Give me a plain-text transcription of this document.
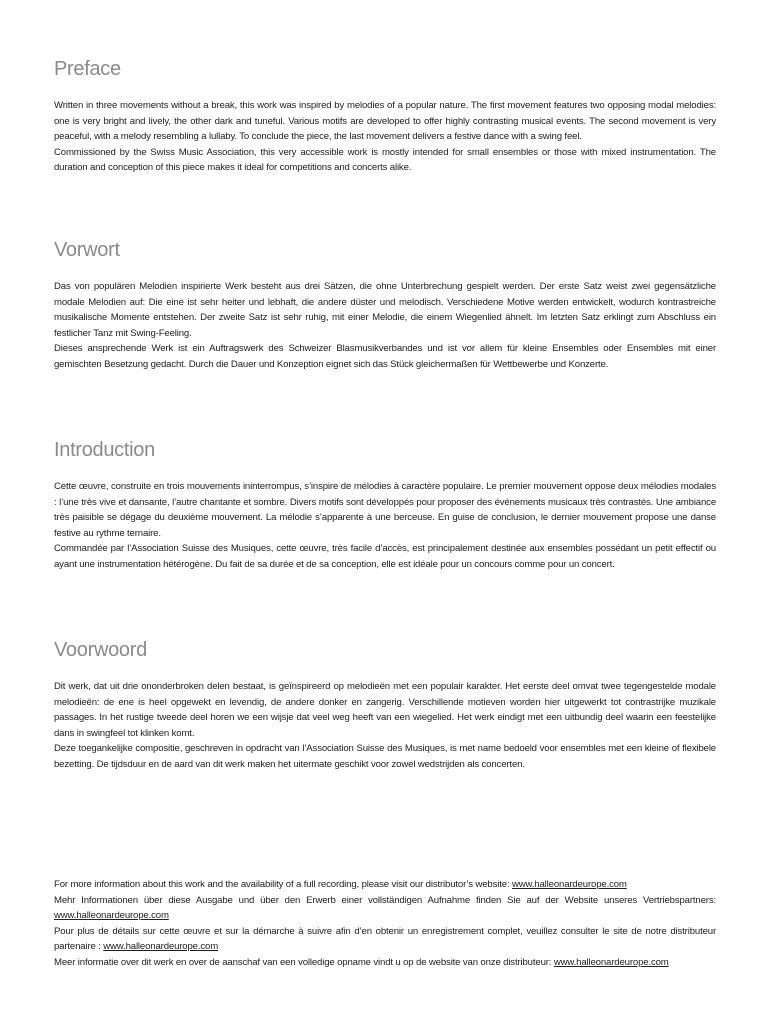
Preface

Written in three movements without a break, this work was inspired by melodies of a popular nature. The first movement features two opposing modal melodies: one is very bright and lively, the other dark and tuneful. Various motifs are developed to offer highly contrasting musical events. The second movement is very peaceful, with a melody resembling a lullaby. To conclude the piece, the last movement delivers a festive dance with a swing feel.

Commissioned by the Swiss Music Association, this very accessible work is mostly intended for small ensembles or those with mixed instrumentation. The duration and conception of this piece makes it ideal for competitions and concerts alike.

Vorwort

Das von populären Melodien inspirierte Werk besteht aus drei Sätzen, die ohne Unterbrechung gespielt werden. Der erste Satz weist zwei gegensätzliche modale Melodien auf: Die eine ist sehr heiter und lebhaft, die andere düster und melodisch. Verschiedene Motive werden entwickelt, wodurch kontrastreiche musikalische Momente entstehen. Der zweite Satz ist sehr ruhig, mit einer Melodie, die einem Wiegenlied ähnelt. Im letzten Satz erklingt zum Abschluss ein festlicher Tanz mit Swing-Feeling.

Dieses ansprechende Werk ist ein Auftragswerk des Schweizer Blasmusikverbandes und ist vor allem für kleine Ensembles oder Ensembles mit einer gemischten Besetzung gedacht. Durch die Dauer und Konzeption eignet sich das Stück gleichermaßen für Wettbewerbe und Konzerte.

Introduction

Cette œuvre, construite en trois mouvements ininterrompus, s’inspire de mélodies à caractère populaire. Le premier mouvement oppose deux mélodies modales : l’une très vive et dansante, l’autre chantante et sombre. Divers motifs sont développés pour proposer des événements musicaux très contrastés. Une ambiance très paisible se dégage du deuxième mouvement. La mélodie s’apparente à une berceuse. En guise de conclusion, le dernier mouvement propose une danse festive au rythme ternaire.

Commandée par l’Association Suisse des Musiques, cette œuvre, très facile d’accès, est principalement destinée aux ensembles possédant un petit effectif ou ayant une instrumentation hétérogène. Du fait de sa durée et de sa conception, elle est idéale pour un concours comme pour un concert.

Voorwoord

Dit werk, dat uit drie ononderbroken delen bestaat, is geïnspireerd op melodieën met een populair karakter. Het eerste deel omvat twee tegengestelde modale melodieën: de ene is heel opgewekt en levendig, de andere donker en zangerig. Verschillende motieven worden hier uitgewerkt tot contrastrijke muzikale passages. In het rustige tweede deel horen we een wijsje dat veel weg heeft van een wiegelied. Het werk eindigt met een uitbundig deel waarin een feestelijke dans in swingfeel tot klinken komt.

Deze toegankelijke compositie, geschreven in opdracht van l’Association Suisse des Musiques, is met name bedoeld voor ensembles met een kleine of flexibele bezetting. De tijdsduur en de aard van dit werk maken het uitermate geschikt voor zowel wedstrijden als concerten.

For more information about this work and the availability of a full recording, please visit our distributor’s website: www.halleonardeurope.com

Mehr Informationen über diese Ausgabe und über den Erwerb einer vollständigen Aufnahme finden Sie auf der Website unseres Vertriebspartners: www.halleonardeurope.com

Pour plus de détails sur cette œuvre et sur la démarche à suivre afin d’en obtenir un enregistrement complet, veuillez consulter le site de notre distributeur partenaire : www.halleonardeurope.com

Meer informatie over dit werk en over de aanschaf van een volledige opname vindt u op de website van onze distributeur: www.halleonardeurope.com
